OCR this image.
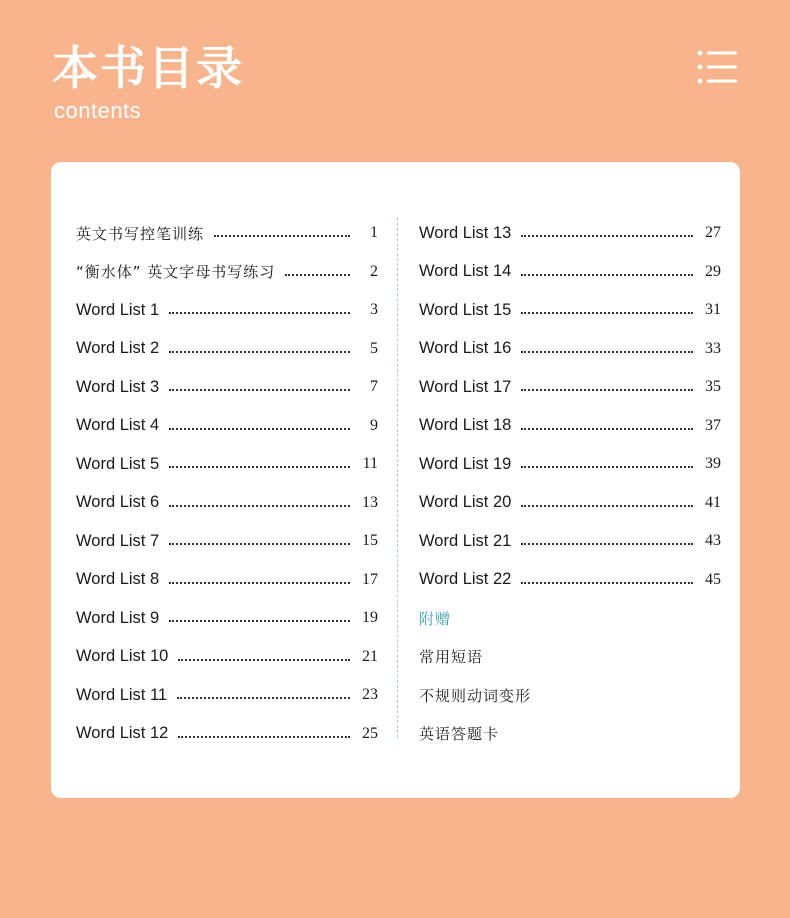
本书目录
contents
英文书写控笔训练	1
“衡水体” 英文字母书写练习	2
Word List 1	3
Word List 2	5
Word List 3	7
Word List 4	9
Word List 5	11
Word List 6	13
Word List 7	15
Word List 8	17
Word List 9	19
Word List 10	21
Word List 11	23
Word List 12	25
Word List 13	27
Word List 14	29
Word List 15	31
Word List 16	33
Word List 17	35
Word List 18	37
Word List 19	39
Word List 20	41
Word List 21	43
Word List 22	45
附赠
常用短语
不规则动词变形
英语答题卡
